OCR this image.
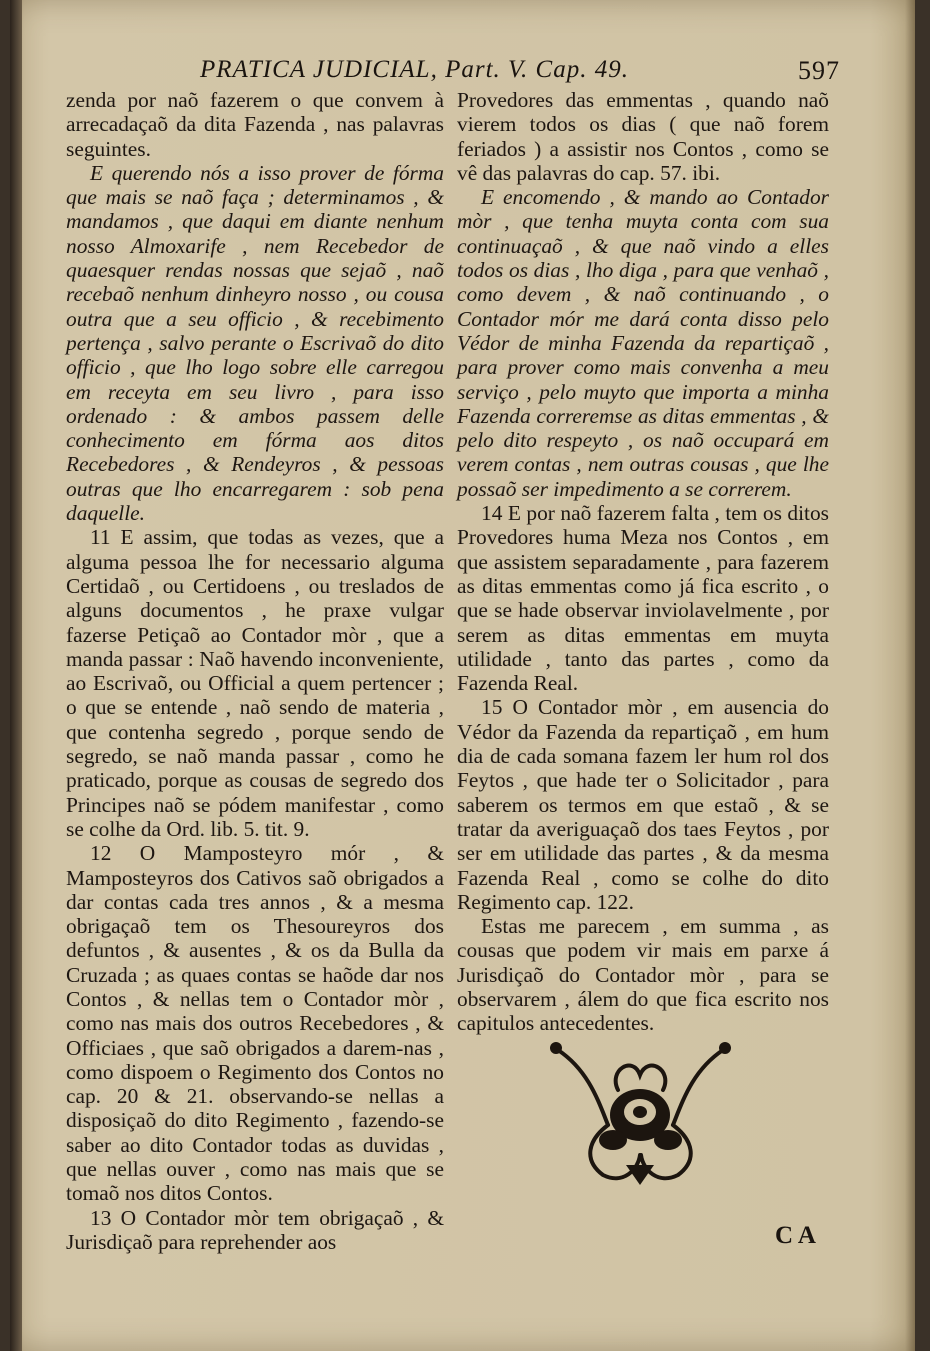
PRATICA JUDICIAL, Part. V. Cap. 49.	597

zenda por naõ fazerem o que convem à arrecadaçaõ da dita Fazenda , nas palavras seguintes.

E querendo nós a isso prover de fórma que mais se naõ faça ; determinamos , & mandamos , que daqui em diante nenhum nosso Almoxarife , nem Recebedor de quaesquer rendas nossas que sejaõ , naõ recebaõ nenhum dinheyro nosso , ou cousa outra que a seu officio , & recebimento pertença , salvo perante o Escrivaõ do dito officio , que lho logo sobre elle carregou em receyta em seu livro , para isso ordenado : & ambos passem delle conhecimento em fórma aos ditos Recebedores , & Rendeyros , & pessoas outras que lho encarregarem : sob pena daquelle.

11 E assim, que todas as vezes, que a alguma pessoa lhe for necessario alguma Certidaõ , ou Certidoens , ou treslados de alguns documentos , he praxe vulgar fazerse Petiçaõ ao Contador mòr , que a manda passar : Naõ havendo inconveniente, ao Escrivaõ, ou Official a quem pertencer ; o que se entende , naõ sendo de materia , que contenha segredo , porque sendo de segredo, se naõ manda passar , como he praticado, porque as cousas de segredo dos Principes naõ se pódem manifestar , como se colhe da Ord. lib. 5. tit. 9.

12 O Mamposteyro mór , & Mamposteyros dos Cativos saõ obrigados a dar contas cada tres annos , & a mesma obrigaçaõ tem os Thesoureyros dos defuntos , & ausentes , & os da Bulla da Cruzada ; as quaes contas se haõde dar nos Contos , & nellas tem o Contador mòr , como nas mais dos outros Recebedores , & Officiaes , que saõ obrigados a darem-nas , como dispoem o Regimento dos Contos no cap. 20 & 21. observando-se nellas a disposiçaõ do dito Regimento , fazendo-se saber ao dito Contador todas as duvidas , que nellas ouver , como nas mais que se tomaõ nos ditos Contos.

13 O Contador mòr tem obrigaçaõ , & Jurisdiçaõ para reprehender aos

Provedores das emmentas , quando naõ vierem todos os dias ( que naõ forem feriados ) a assistir nos Contos , como se vê das palavras do cap. 57. ibi.

E encomendo , & mando ao Contador mòr , que tenha muyta conta com sua continuaçaõ , & que naõ vindo a elles todos os dias , lho diga , para que venhaõ , como devem , & naõ continuando , o Contador mór me dará conta disso pelo Védor de minha Fazenda da repartiçaõ , para prover como mais convenha a meu serviço , pelo muyto que importa a minha Fazenda correremse as ditas emmentas , & pelo dito respeyto , os naõ occupará em verem contas , nem outras cousas , que lhe possaõ ser impedimento a se correrem.

14 E por naõ fazerem falta , tem os ditos Provedores huma Meza nos Contos , em que assistem separadamente , para fazerem as ditas emmentas como já fica escrito , o que se hade observar inviolavelmente , por serem as ditas emmentas em muyta utilidade , tanto das partes , como da Fazenda Real.

15 O Contador mòr , em ausencia do Védor da Fazenda da repartiçaõ , em hum dia de cada somana fazem ler hum rol dos Feytos , que hade ter o Solicitador , para saberem os termos em que estaõ , & se tratar da averiguaçaõ dos taes Feytos , por ser em utilidade das partes , & da mesma Fazenda Real , como se colhe do dito Regimento cap. 122.

Estas me parecem , em summa , as cousas que podem vir mais em parxe á Jurisdiçaõ do Contador mòr , para se observarem , álem do que fica escrito nos capitulos antecedentes.

C A
